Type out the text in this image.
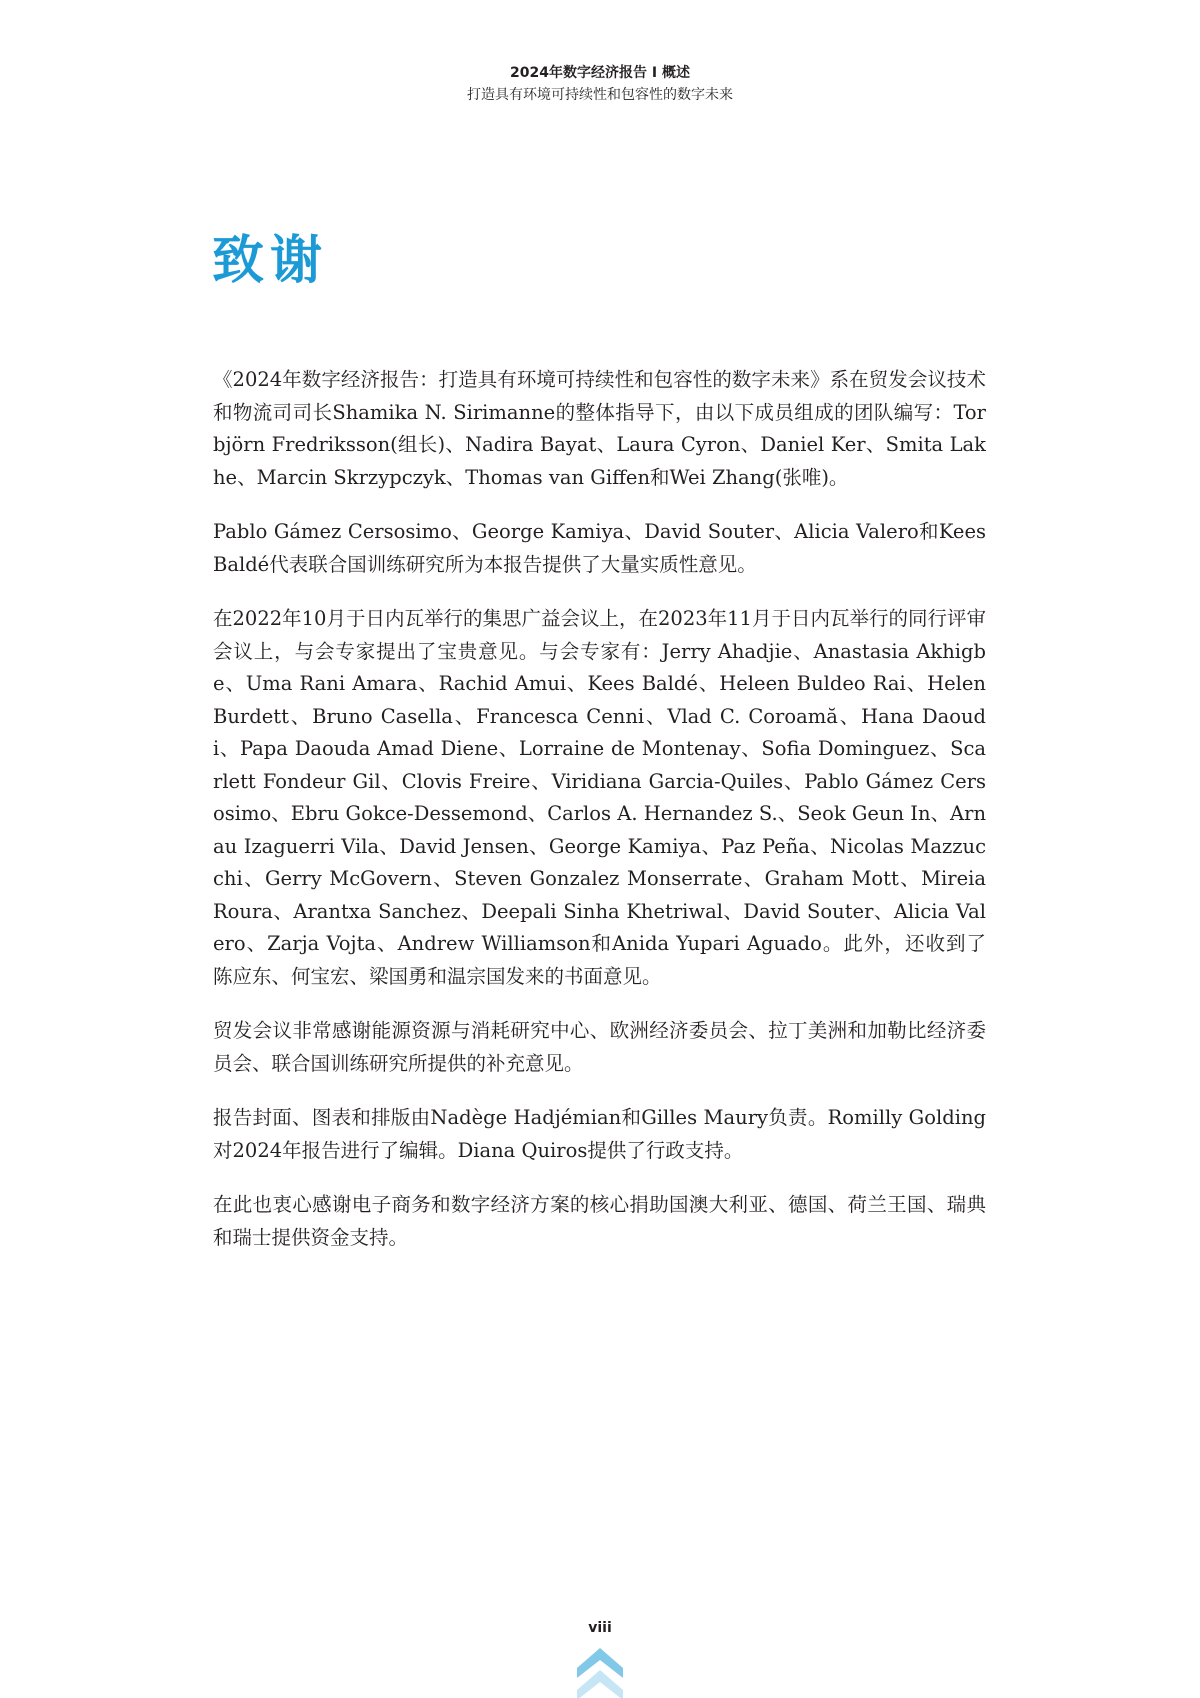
2024年数字经济报告 I 概述
打造具有环境可持续性和包容性的数字未来
致谢

《2024年数字经济报告：打造具有环境可持续性和包容性的数字未来》系在贸发会议技术和物流司司长Shamika N. Sirimanne的整体指导下，由以下成员组成的团队编写：Torbjörn Fredriksson(组长)、Nadira Bayat、Laura Cyron、Daniel Ker、Smita Lakhe、Marcin Skrzypczyk、Thomas van Giffen和Wei Zhang(张唯)。

Pablo Gámez Cersosimo、George Kamiya、David Souter、Alicia Valero和Kees Baldé代表联合国训练研究所为本报告提供了大量实质性意见。

在2022年10月于日内瓦举行的集思广益会议上，在2023年11月于日内瓦举行的同行评审会议上，与会专家提出了宝贵意见。与会专家有：Jerry Ahadjie、Anastasia Akhigbe、Uma Rani Amara、Rachid Amui、Kees Baldé、Heleen Buldeo Rai、Helen Burdett、Bruno Casella、Francesca Cenni、Vlad C. Coroamă、Hana Daoudi、Papa Daouda Amad Diene、Lorraine de Montenay、Sofia Dominguez、Scarlett Fondeur Gil、Clovis Freire、Viridiana Garcia-Quiles、Pablo Gámez Cersosimo、Ebru Gokce-Dessemond、Carlos A. Hernandez S.、Seok Geun In、Arnau Izaguerri Vila、David Jensen、George Kamiya、Paz Peña、Nicolas Mazzucchi、Gerry McGovern、Steven Gonzalez Monserrate、Graham Mott、Mireia Roura、Arantxa Sanchez、Deepali Sinha Khetriwal、David Souter、Alicia Valero、Zarja Vojta、Andrew Williamson和Anida Yupari Aguado。此外，还收到了陈应东、何宝宏、梁国勇和温宗国发来的书面意见。

贸发会议非常感谢能源资源与消耗研究中心、欧洲经济委员会、拉丁美洲和加勒比经济委员会、联合国训练研究所提供的补充意见。

报告封面、图表和排版由Nadège Hadjémian和Gilles Maury负责。Romilly Golding对2024年报告进行了编辑。Diana Quiros提供了行政支持。

在此也衷心感谢电子商务和数字经济方案的核心捐助国澳大利亚、德国、荷兰王国、瑞典和瑞士提供资金支持。

viii
